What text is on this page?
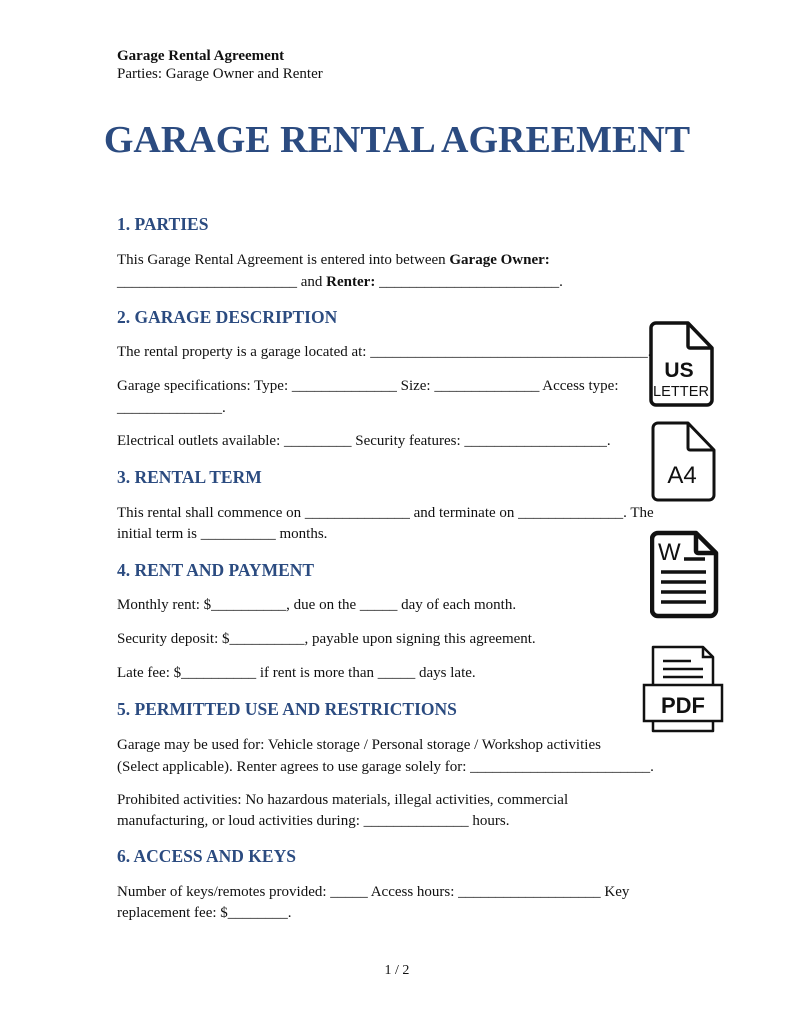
Garage Rental Agreement
Parties: Garage Owner and Renter
GARAGE RENTAL AGREEMENT
1. PARTIES
This Garage Rental Agreement is entered into between Garage Owner:
________________________ and Renter: ________________________.
2. GARAGE DESCRIPTION
The rental property is a garage located at: _____________________________________.
Garage specifications: Type: ______________ Size: ______________ Access type:
______________.
Electrical outlets available: _________ Security features: ___________________.
3. RENTAL TERM
This rental shall commence on ______________ and terminate on ______________. The
initial term is __________ months.
4. RENT AND PAYMENT
Monthly rent: $__________, due on the _____ day of each month.
Security deposit: $__________, payable upon signing this agreement.
Late fee: $__________ if rent is more than _____ days late.
5. PERMITTED USE AND RESTRICTIONS
Garage may be used for: Vehicle storage / Personal storage / Workshop activities
(Select applicable). Renter agrees to use garage solely for: ________________________.
Prohibited activities: No hazardous materials, illegal activities, commercial
manufacturing, or loud activities during: ______________ hours.
6. ACCESS AND KEYS
Number of keys/remotes provided: _____ Access hours: ___________________ Key
replacement fee: $________.
1 / 2
US
LETTER
A4
W
PDF
